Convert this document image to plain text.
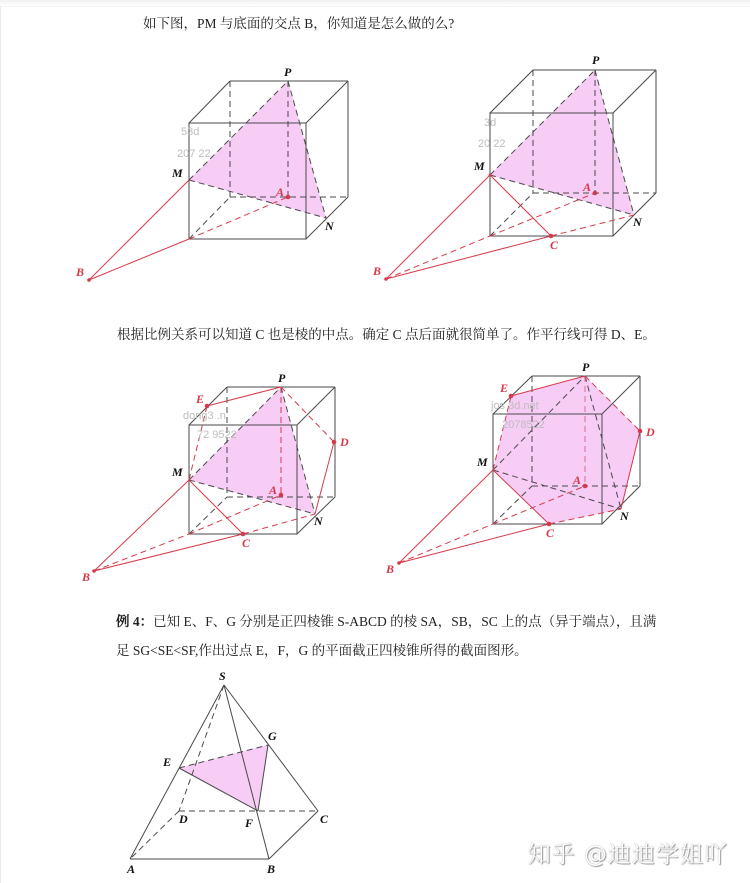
如下图，PM 与底面的交点 B，你知道是怎么做的么?
53d
207 22
P
M
A
N
B
3d
20 22
P
M
A
N
C
B
dong3 .n
72 9522
P
M
A
N
C
E
D
B
jos 3d.net
2078522
P
M
A
N
C
E
D
B
S
E
G
F
D	C
A	B
根据比例关系可以知道 C 也是棱的中点。确定 C 点后面就很简单了。作平行线可得 D、E。
例 4：已知 E、F、G 分别是正四棱锥 S-ABCD 的棱 SA，SB，SC 上的点（异于端点），且满
足 SG<SE<SF,作出过点 E，F，G 的平面截正四棱锥所得的截面图形。
知乎 @迪迪学姐吖
